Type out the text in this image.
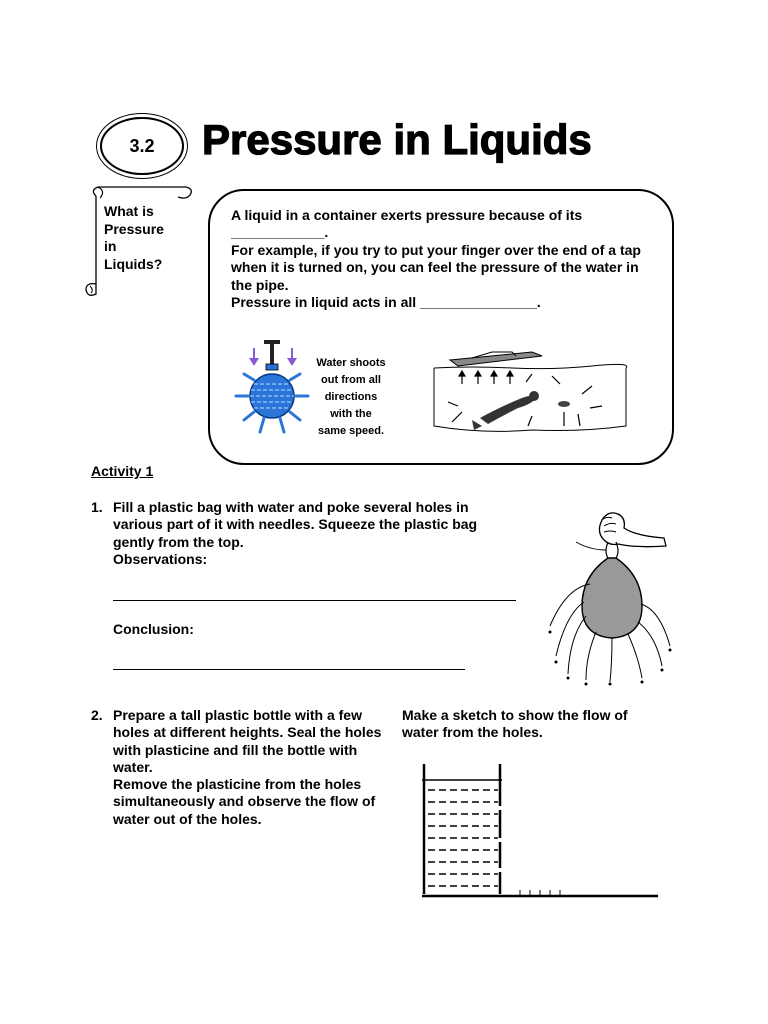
3.2 Pressure in Liquids
What is
Pressure
in
Liquids?

A liquid in a container exerts pressure because of its

____________.

For example, if you try to put your finger over the end of a tap when it is turned on, you can feel the pressure of the water in the pipe.

Pressure in liquid acts in all _______________.

Water shoots
out from all
directions
with the
same speed.
Activity 1
1. Fill a plastic bag with water and poke several holes in various part of it with needles. Squeeze the plastic bag gently from the top.
Observations:
Conclusion:
2. Prepare a tall plastic bottle with a few holes at different heights. Seal the holes with plasticine and fill the bottle with water.
Remove the plasticine from the holes simultaneously and observe the flow of water out of the holes.
Make a sketch to show the flow of water from the holes.
